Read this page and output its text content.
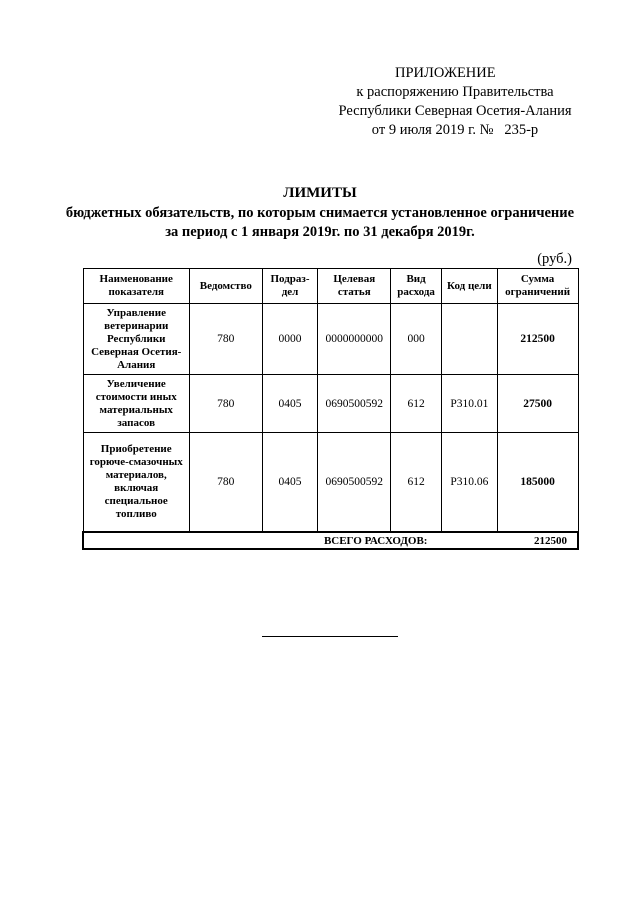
ПРИЛОЖЕНИЕ
к распоряжению Правительства
Республики Северная Осетия-Алания
от 9 июля 2019 г. №   235-р
ЛИМИТЫ
бюджетных обязательств, по которым снимается установленное ограничение за период с 1 января 2019г. по 31 декабря 2019г.
(руб.)
Наименование показателя	Ведомство	Подраз-дел	Целевая статья	Вид расхода	Код цели	Сумма ограничений
Управление ветеринарии Республики Северная Осетия-Алания	780	0000	0000000000	000		212500
Увеличение стоимости иных материальных запасов	780	0405	0690500592	612	Р310.01	27500
Приобретение горюче-смазочных материалов, включая специальное топливо	780	0405	0690500592	612	Р310.06	185000
ВСЕГО РАСХОДОВ:					212500	
